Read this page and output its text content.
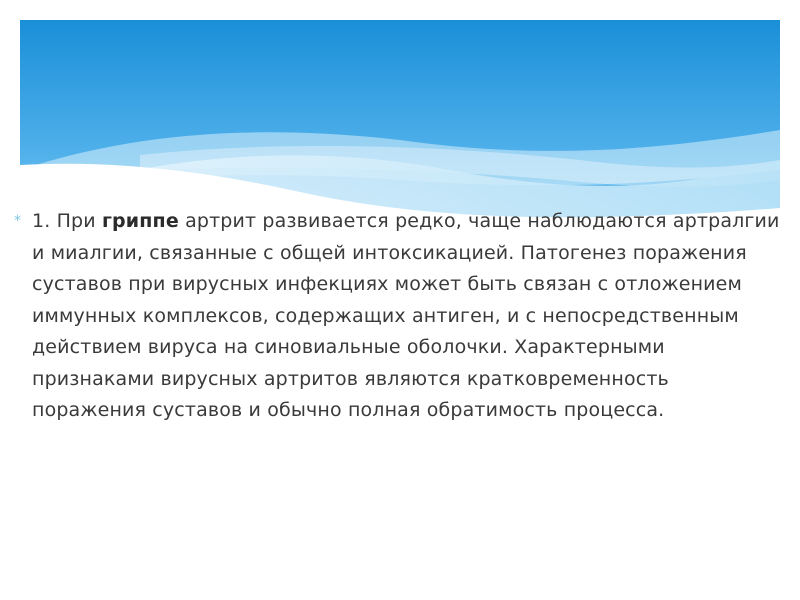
* 1. При гриппе артрит развивается редко, чаще наблюдаются артралгии и миалгии, связанные с общей интоксикацией. Патогенез поражения суставов при вирусных инфекциях может быть связан с отложением иммунных комплексов, содержащих антиген, и с непосредственным действием вируса на синовиальные оболочки. Характерными признаками вирусных артритов являются кратковременность поражения суставов и обычно полная обратимость процесса.
